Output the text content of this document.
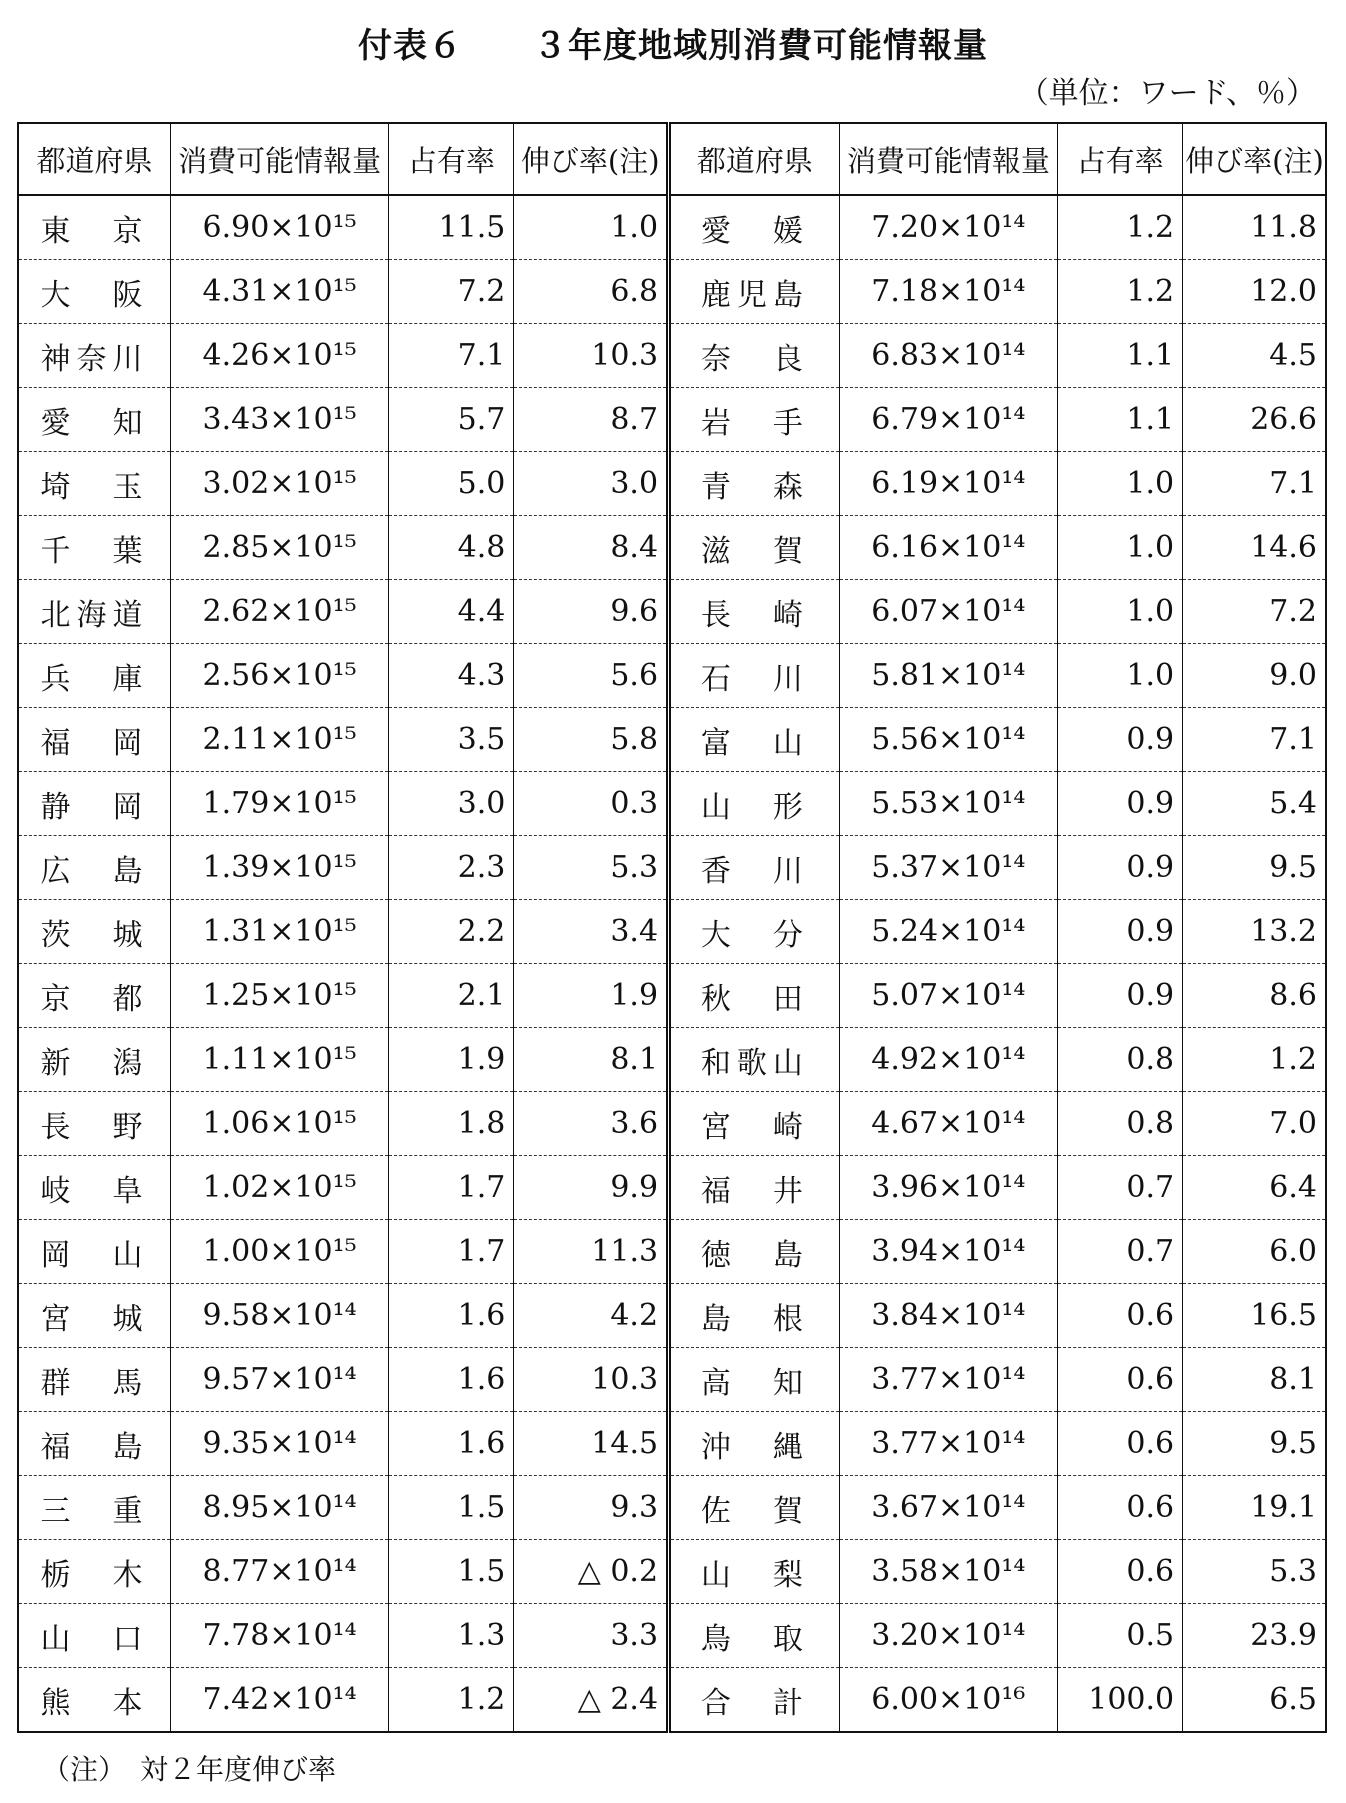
付表６　　３年度地域別消費可能情報量
（単位：ワード、％）
都道府県	消費可能情報量	占有率	伸び率(注)	都道府県	消費可能情報量	占有率	伸び率(注)
東　京	6.90×10¹⁵	11.5	1.0	愛　媛	7.20×10¹⁴	1.2	11.8
大　阪	4.31×10¹⁵	7.2	6.8	鹿児島	7.18×10¹⁴	1.2	12.0
神奈川	4.26×10¹⁵	7.1	10.3	奈　良	6.83×10¹⁴	1.1	4.5
愛　知	3.43×10¹⁵	5.7	8.7	岩　手	6.79×10¹⁴	1.1	26.6
埼　玉	3.02×10¹⁵	5.0	3.0	青　森	6.19×10¹⁴	1.0	7.1
千　葉	2.85×10¹⁵	4.8	8.4	滋　賀	6.16×10¹⁴	1.0	14.6
北海道	2.62×10¹⁵	4.4	9.6	長　崎	6.07×10¹⁴	1.0	7.2
兵　庫	2.56×10¹⁵	4.3	5.6	石　川	5.81×10¹⁴	1.0	9.0
福　岡	2.11×10¹⁵	3.5	5.8	富　山	5.56×10¹⁴	0.9	7.1
静　岡	1.79×10¹⁵	3.0	0.3	山　形	5.53×10¹⁴	0.9	5.4
広　島	1.39×10¹⁵	2.3	5.3	香　川	5.37×10¹⁴	0.9	9.5
茨　城	1.31×10¹⁵	2.2	3.4	大　分	5.24×10¹⁴	0.9	13.2
京　都	1.25×10¹⁵	2.1	1.9	秋　田	5.07×10¹⁴	0.9	8.6
新　潟	1.11×10¹⁵	1.9	8.1	和歌山	4.92×10¹⁴	0.8	1.2
長　野	1.06×10¹⁵	1.8	3.6	宮　崎	4.67×10¹⁴	0.8	7.0
岐　阜	1.02×10¹⁵	1.7	9.9	福　井	3.96×10¹⁴	0.7	6.4
岡　山	1.00×10¹⁵	1.7	11.3	徳　島	3.94×10¹⁴	0.7	6.0
宮　城	9.58×10¹⁴	1.6	4.2	島　根	3.84×10¹⁴	0.6	16.5
群　馬	9.57×10¹⁴	1.6	10.3	高　知	3.77×10¹⁴	0.6	8.1
福　島	9.35×10¹⁴	1.6	14.5	沖　縄	3.77×10¹⁴	0.6	9.5
三　重	8.95×10¹⁴	1.5	9.3	佐　賀	3.67×10¹⁴	0.6	19.1
栃　木	8.77×10¹⁴	1.5	△ 0.2	山　梨	3.58×10¹⁴	0.6	5.3
山　口	7.78×10¹⁴	1.3	3.3	鳥　取	3.20×10¹⁴	0.5	23.9
熊　本	7.42×10¹⁴	1.2	△ 2.4	合　計	6.00×10¹⁶	100.0	6.5
（注）　対２年度伸び率
